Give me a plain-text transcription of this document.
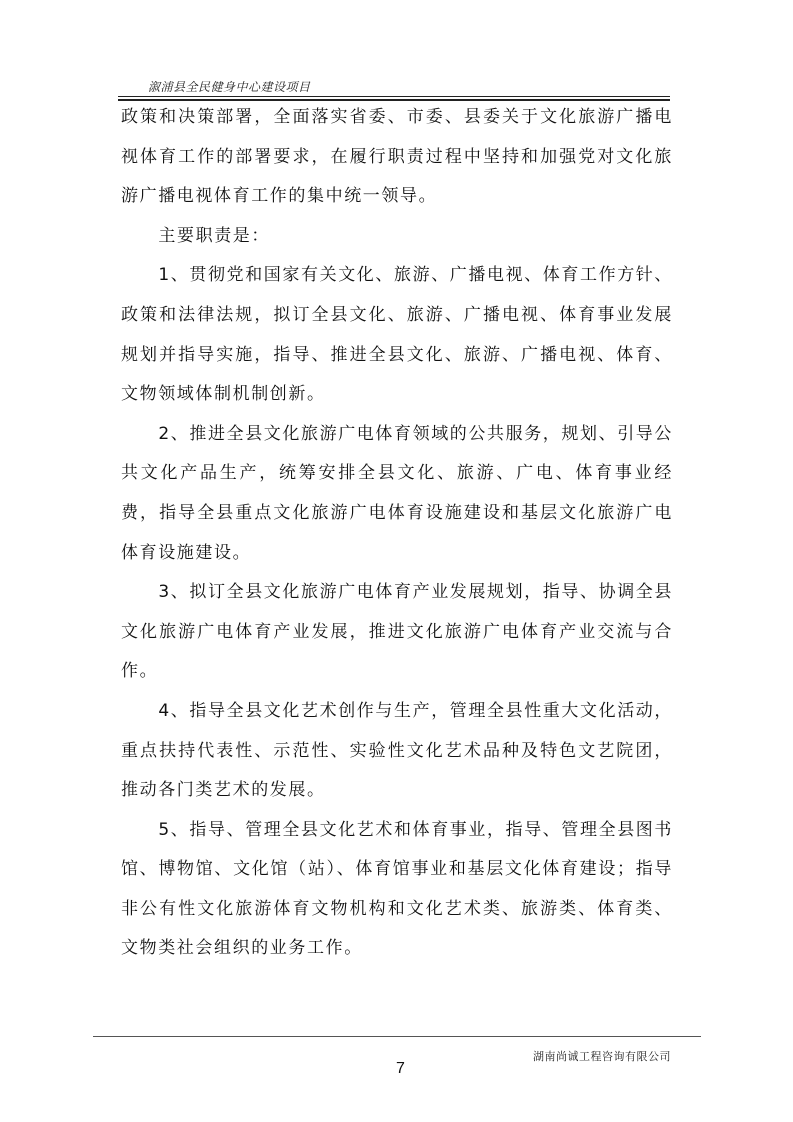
溆浦县全民健身中心建设项目

政策和决策部署，全面落实省委、市委、县委关于文化旅游广播电视体育工作的部署要求，在履行职责过程中坚持和加强党对文化旅游广播电视体育工作的集中统一领导。

主要职责是：

1、贯彻党和国家有关文化、旅游、广播电视、体育工作方针、政策和法律法规，拟订全县文化、旅游、广播电视、体育事业发展规划并指导实施，指导、推进全县文化、旅游、广播电视、体育、文物领域体制机制创新。

2、推进全县文化旅游广电体育领域的公共服务，规划、引导公共文化产品生产，统筹安排全县文化、旅游、广电、体育事业经费，指导全县重点文化旅游广电体育设施建设和基层文化旅游广电体育设施建设。

3、拟订全县文化旅游广电体育产业发展规划，指导、协调全县文化旅游广电体育产业发展，推进文化旅游广电体育产业交流与合作。

4、指导全县文化艺术创作与生产，管理全县性重大文化活动，重点扶持代表性、示范性、实验性文化艺术品种及特色文艺院团，推动各门类艺术的发展。

5、指导、管理全县文化艺术和体育事业，指导、管理全县图书馆、博物馆、文化馆（站）、体育馆事业和基层文化体育建设；指导非公有性文化旅游体育文物机构和文化艺术类、旅游类、体育类、文物类社会组织的业务工作。

湖南尚诚工程咨询有限公司
7
